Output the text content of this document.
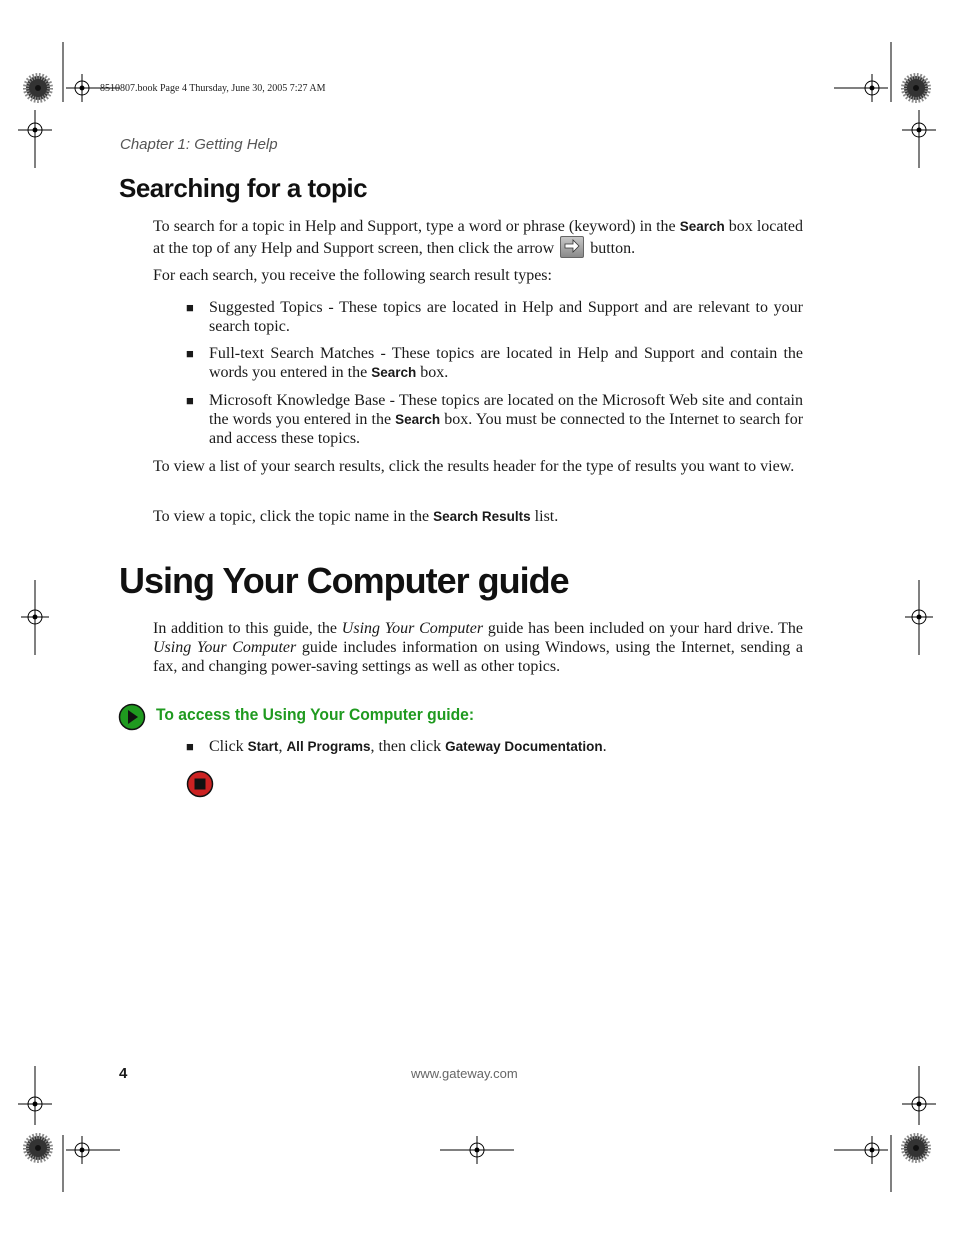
8510807.book Page 4 Thursday, June 30, 2005 7:27 AM
Chapter 1: Getting Help
Searching for a topic

To search for a topic in Help and Support, type a word or phrase (keyword) in the Search box located at the top of any Help and Support screen, then click the arrow button.

For each search, you receive the following search result types:

■ Suggested Topics - These topics are located in Help and Support and are relevant to your search topic.

■ Full-text Search Matches - These topics are located in Help and Support and contain the words you entered in the Search box.

■ Microsoft Knowledge Base - These topics are located on the Microsoft Web site and contain the words you entered in the Search box. You must be connected to the Internet to search for and access these topics.

To view a list of your search results, click the results header for the type of results you want to view.

To view a topic, click the topic name in the Search Results list.

Using Your Computer guide

In addition to this guide, the Using Your Computer guide has been included on your hard drive. The Using Your Computer guide includes information on using Windows, using the Internet, sending a fax, and changing power-saving settings as well as other topics.

To access the Using Your Computer guide:
■ Click Start, All Programs, then click Gateway Documentation.

4	www.gateway.com
